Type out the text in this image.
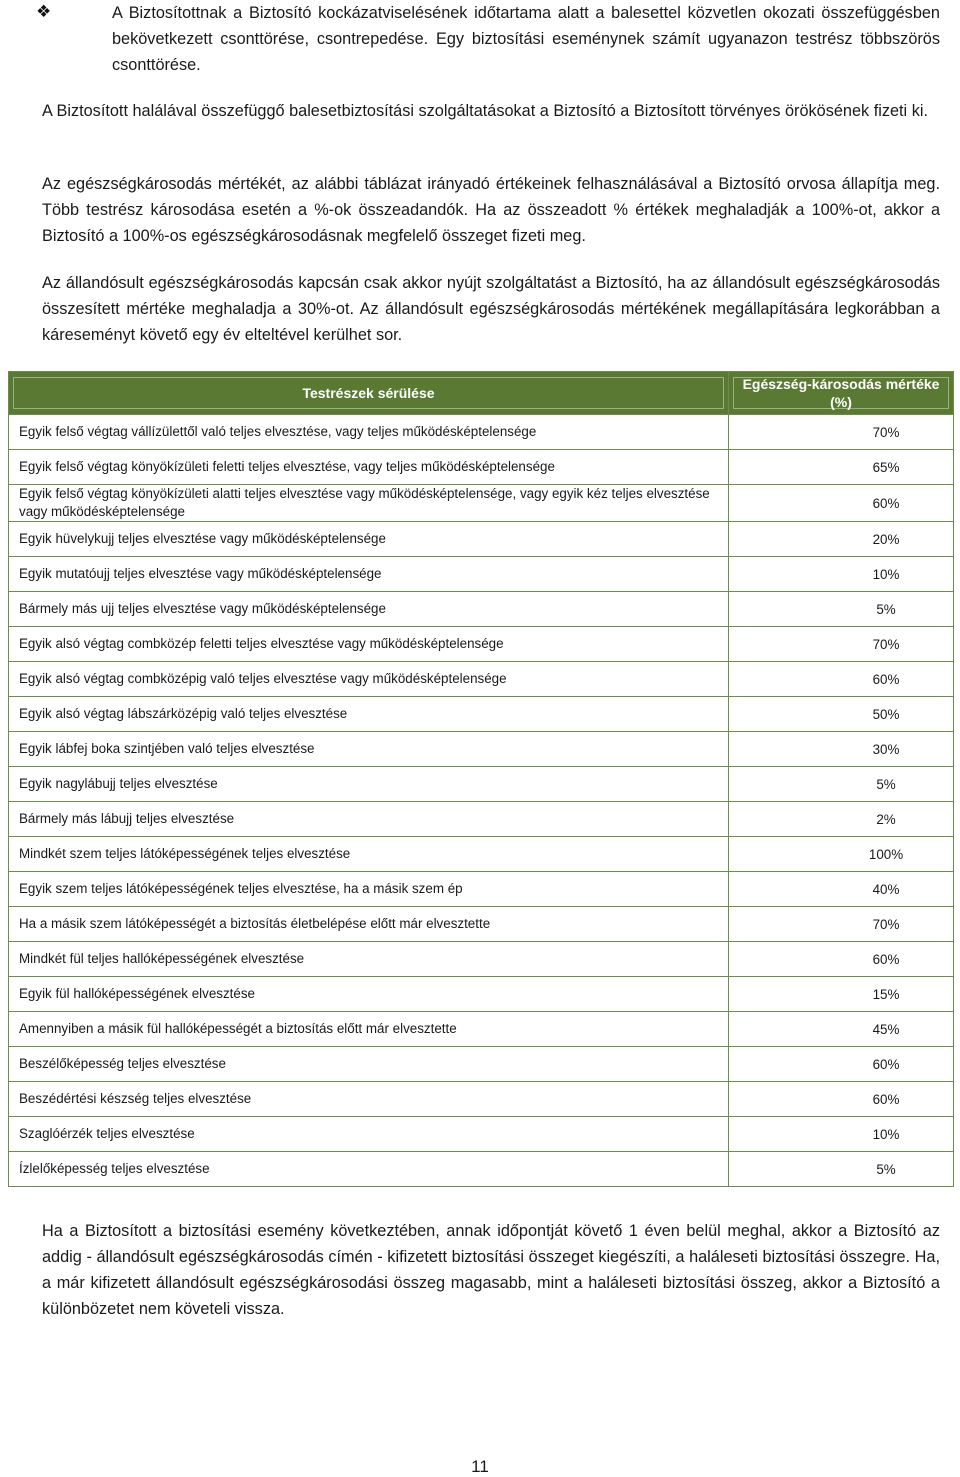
❖	A Biztosítottnak a Biztosító kockázatviselésének időtartama alatt a balesettel közvetlen okozati összefüggésben bekövetkezett csonttörése, csontrepedése. Egy biztosítási eseménynek számít ugyanazon testrész többszörös csonttörése.

A Biztosított halálával összefüggő balesetbiztosítási szolgáltatásokat a Biztosító a Biztosított törvényes örökösének fizeti ki.

Az egészségkárosodás mértékét, az alábbi táblázat irányadó értékeinek felhasználásával a Biztosító orvosa állapítja meg. Több testrész károsodása esetén a %-ok összeadandók. Ha az összeadott % értékek meghaladják a 100%-ot, akkor a Biztosító a 100%-os egészségkárosodásnak megfelelő összeget fizeti meg.

Az állandósult egészségkárosodás kapcsán csak akkor nyújt szolgáltatást a Biztosító, ha az állandósult egészségkárosodás összesített mértéke meghaladja a 30%-ot. Az állandósult egészségkárosodás mértékének megállapítására legkorábban a káreseményt követő egy év elteltével kerülhet sor.

Testrészek sérülése	Egészség-károsodás mértéke (%)

Egyik felső végtag vállízülettől való teljes elvesztése, vagy teljes működésképtelensége	70%
Egyik felső végtag könyökízületi feletti teljes elvesztése, vagy teljes működésképtelensége	65%
Egyik felső végtag könyökízületi alatti teljes elvesztése vagy működésképtelensége, vagy egyik kéz teljes elvesztése vagy működésképtelensége	60%
Egyik hüvelykujj teljes elvesztése vagy működésképtelensége	20%
Egyik mutatóujj teljes elvesztése vagy működésképtelensége	10%
Bármely más ujj teljes elvesztése vagy működésképtelensége	5%
Egyik alsó végtag combközép feletti teljes elvesztése vagy működésképtelensége	70%
Egyik alsó végtag combközépig való teljes elvesztése vagy működésképtelensége	60%
Egyik alsó végtag lábszárközépig való teljes elvesztése	50%
Egyik lábfej boka szintjében való teljes elvesztése	30%
Egyik nagylábujj teljes elvesztése	5%
Bármely más lábujj teljes elvesztése	2%
Mindkét szem teljes látóképességének teljes elvesztése	100%
Egyik szem teljes látóképességének teljes elvesztése, ha a másik szem ép	40%
Ha a másik szem látóképességét a biztosítás életbelépése előtt már elvesztette	70%
Mindkét fül teljes hallóképességének elvesztése	60%
Egyik fül hallóképességének elvesztése	15%
Amennyiben a másik fül hallóképességét a biztosítás előtt már elvesztette	45%
Beszélőképesség teljes elvesztése	60%
Beszédértési készség teljes elvesztése	60%
Szaglóérzék teljes elvesztése	10%
Ízlelőképesség teljes elvesztése	5%

Ha a Biztosított a biztosítási esemény következtében, annak időpontját követő 1 éven belül meghal, akkor a Biztosító az addig - állandósult egészségkárosodás címén - kifizetett biztosítási összeget kiegészíti, a haláleseti biztosítási összegre. Ha, a már kifizetett állandósult egészségkárosodási összeg magasabb, mint a haláleseti biztosítási összeg, akkor a Biztosító a különbözetet nem követeli vissza.

11
